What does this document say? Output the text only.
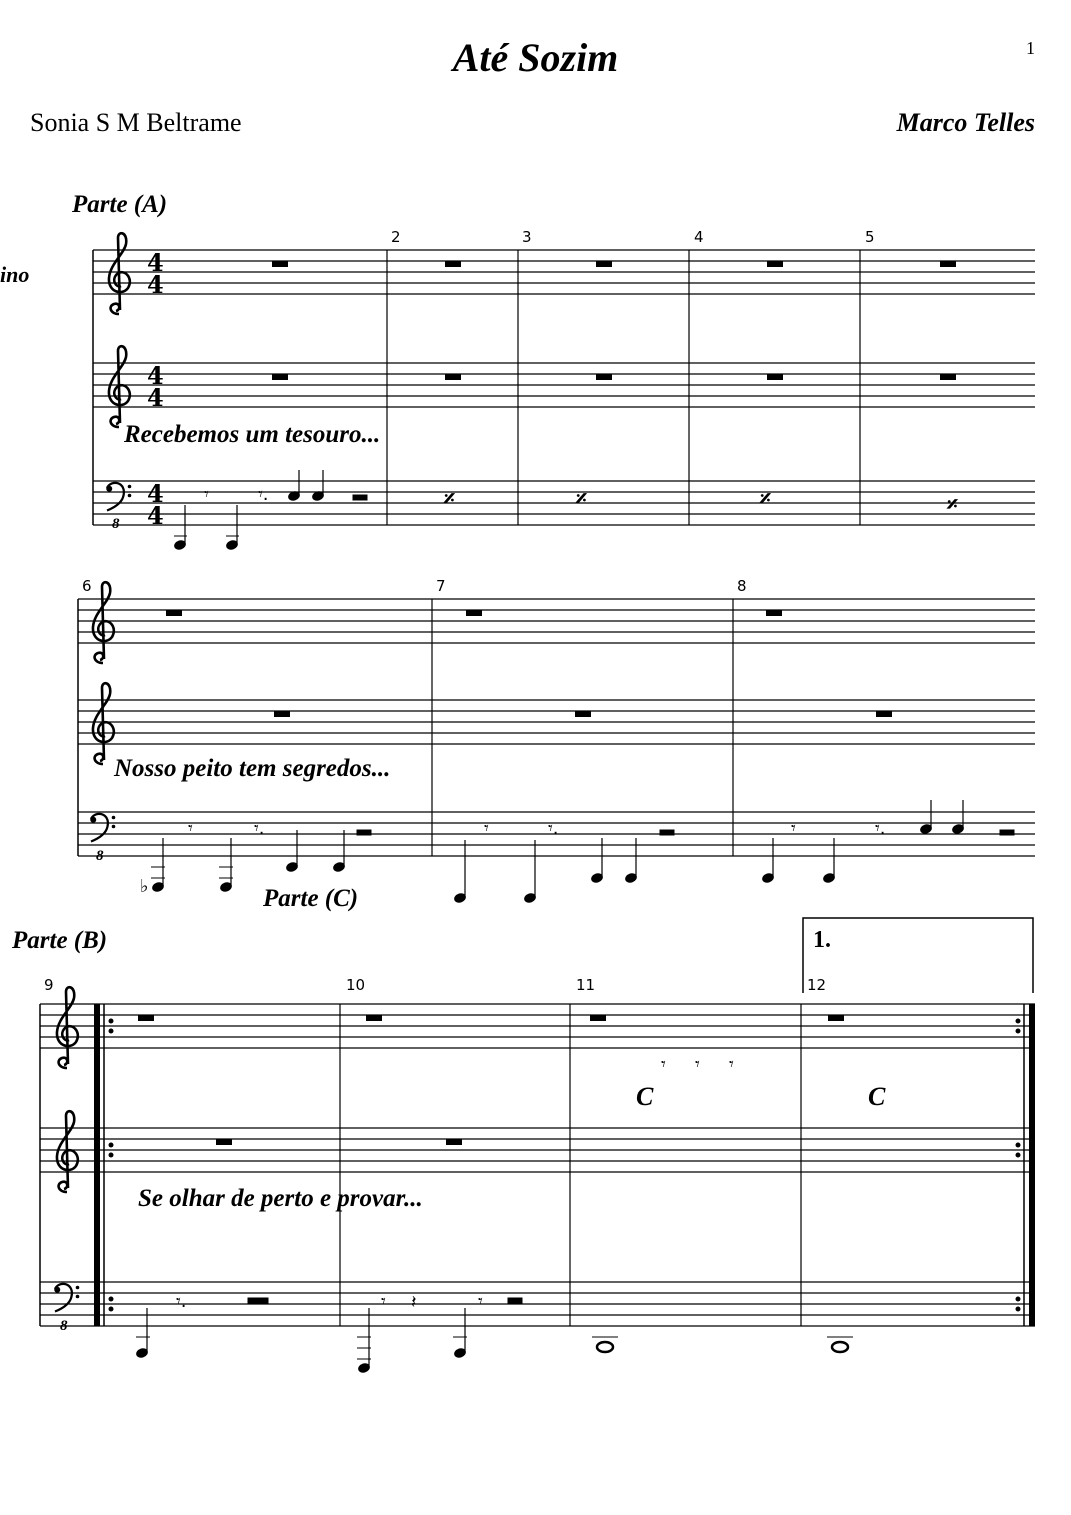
Até Sozim	1
Sonia S M Beltrame	Marco Telles
Parte (A)
ino
2	3	4	5
Recebemos um tesouro...
6	7	8
Nosso peito tem segredos...
Parte (C)
Parte (B)	1.
9	10	11	12
C	C
Se olhar de perto e provar...
8
4
4
4
4
4
4
𝄾	𝄾.	𝄎	𝄎	𝄎	𝄎
8
♭
𝄾	𝄾.	𝄾	𝄾.	𝄾	𝄾.
8
𝄾 𝄾 𝄾
𝄾.	𝄾 𝄽	𝄾
